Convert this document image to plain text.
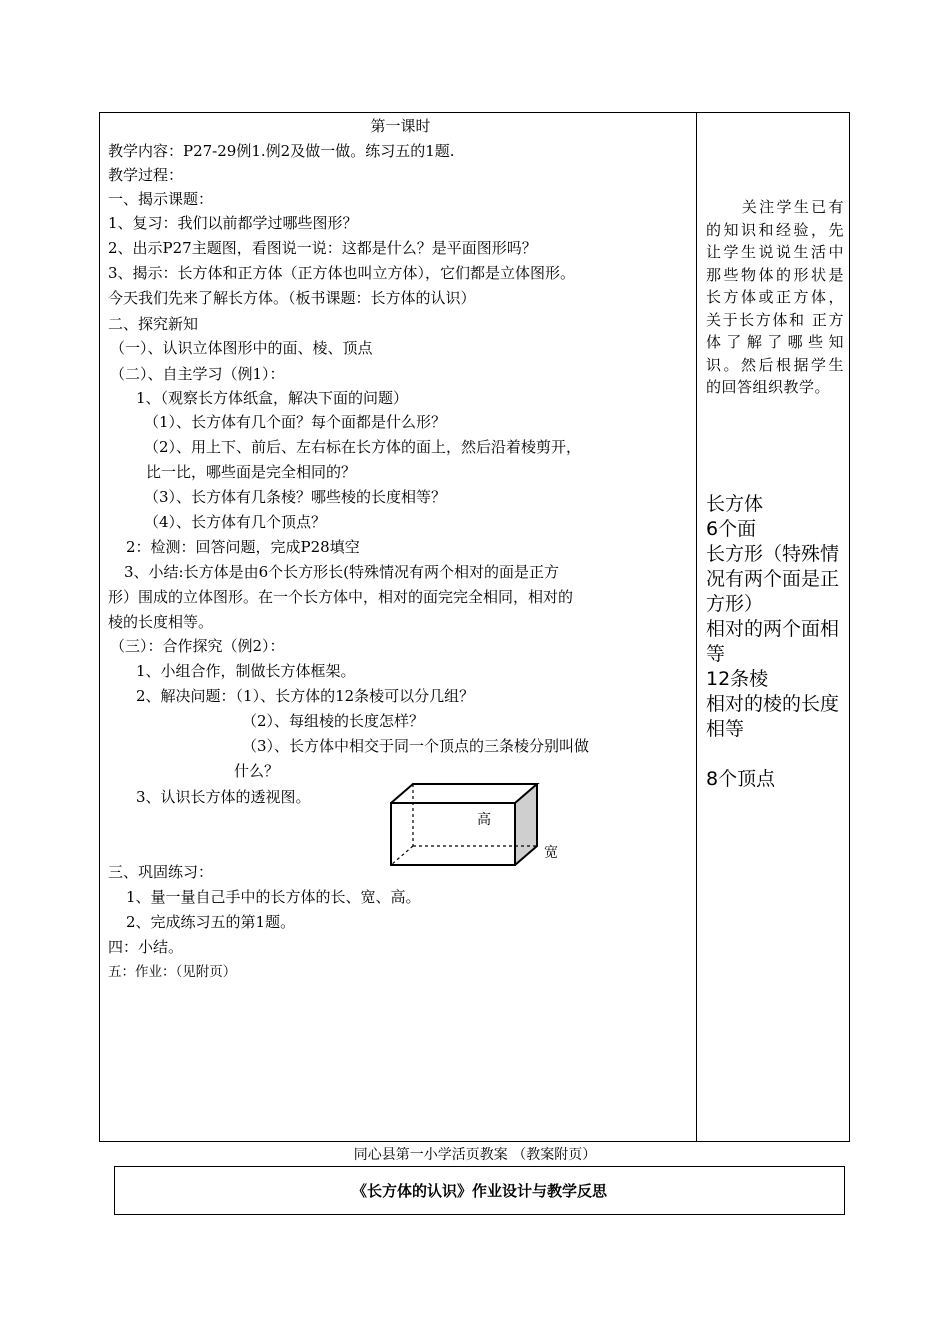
第一课时
教学内容：P27-29例1.例2及做一做。练习五的1题.
教学过程：
一、揭示课题：
1、复习：我们以前都学过哪些图形？
2、出示P27主题图，看图说一说：这都是什么？是平面图形吗？
3、揭示：长方体和正方体（正方体也叫立方体），它们都是立体图形。
今天我们先来了解长方体。（板书课题：长方体的认识）
二、探究新知
（一）、认识立体图形中的面、棱、顶点
（二）、自主学习（例1）：
1、（观察长方体纸盒，解决下面的问题）
（1）、长方体有几个面？每个面都是什么形？
（2）、用上下、前后、左右标在长方体的面上，然后沿着棱剪开，
比一比，哪些面是完全相同的？
（3）、长方体有几条棱？哪些棱的长度相等？
（4）、长方体有几个顶点？
2：检测：回答问题，完成P28填空
3、小结:长方体是由6个长方形长(特殊情况有两个相对的面是正方
形）围成的立体图形。在一个长方体中，相对的面完完全相同，相对的
棱的长度相等。
（三）：合作探究（例2）：
1、小组合作，制做长方体框架。
2、解决问题：（1）、长方体的12条棱可以分几组？
（2）、每组棱的长度怎样？
（3）、长方体中相交于同一个顶点的三条棱分别叫做
什么？
3、认识长方体的透视图。
三、巩固练习：
1、量一量自己手中的长方体的长、宽、高。
2、完成练习五的第1题。
四：小结。
五：作业：（见附页）
高
宽
关注学生已有的知识和经验，先让学生说说生活中那些物体的形状是长方体或正方体，关于长方体和 正方 体了解了哪些知识。然后根据学生的回答组织教学。
长方体
6个面
长方形（特殊情况有两个面是正方形）
相对的两个面相等
12条棱
相对的棱的长度相等
8个顶点
同心县第一小学活页教案 （教案附页）
《长方体的认识》作业设计与教学反思
